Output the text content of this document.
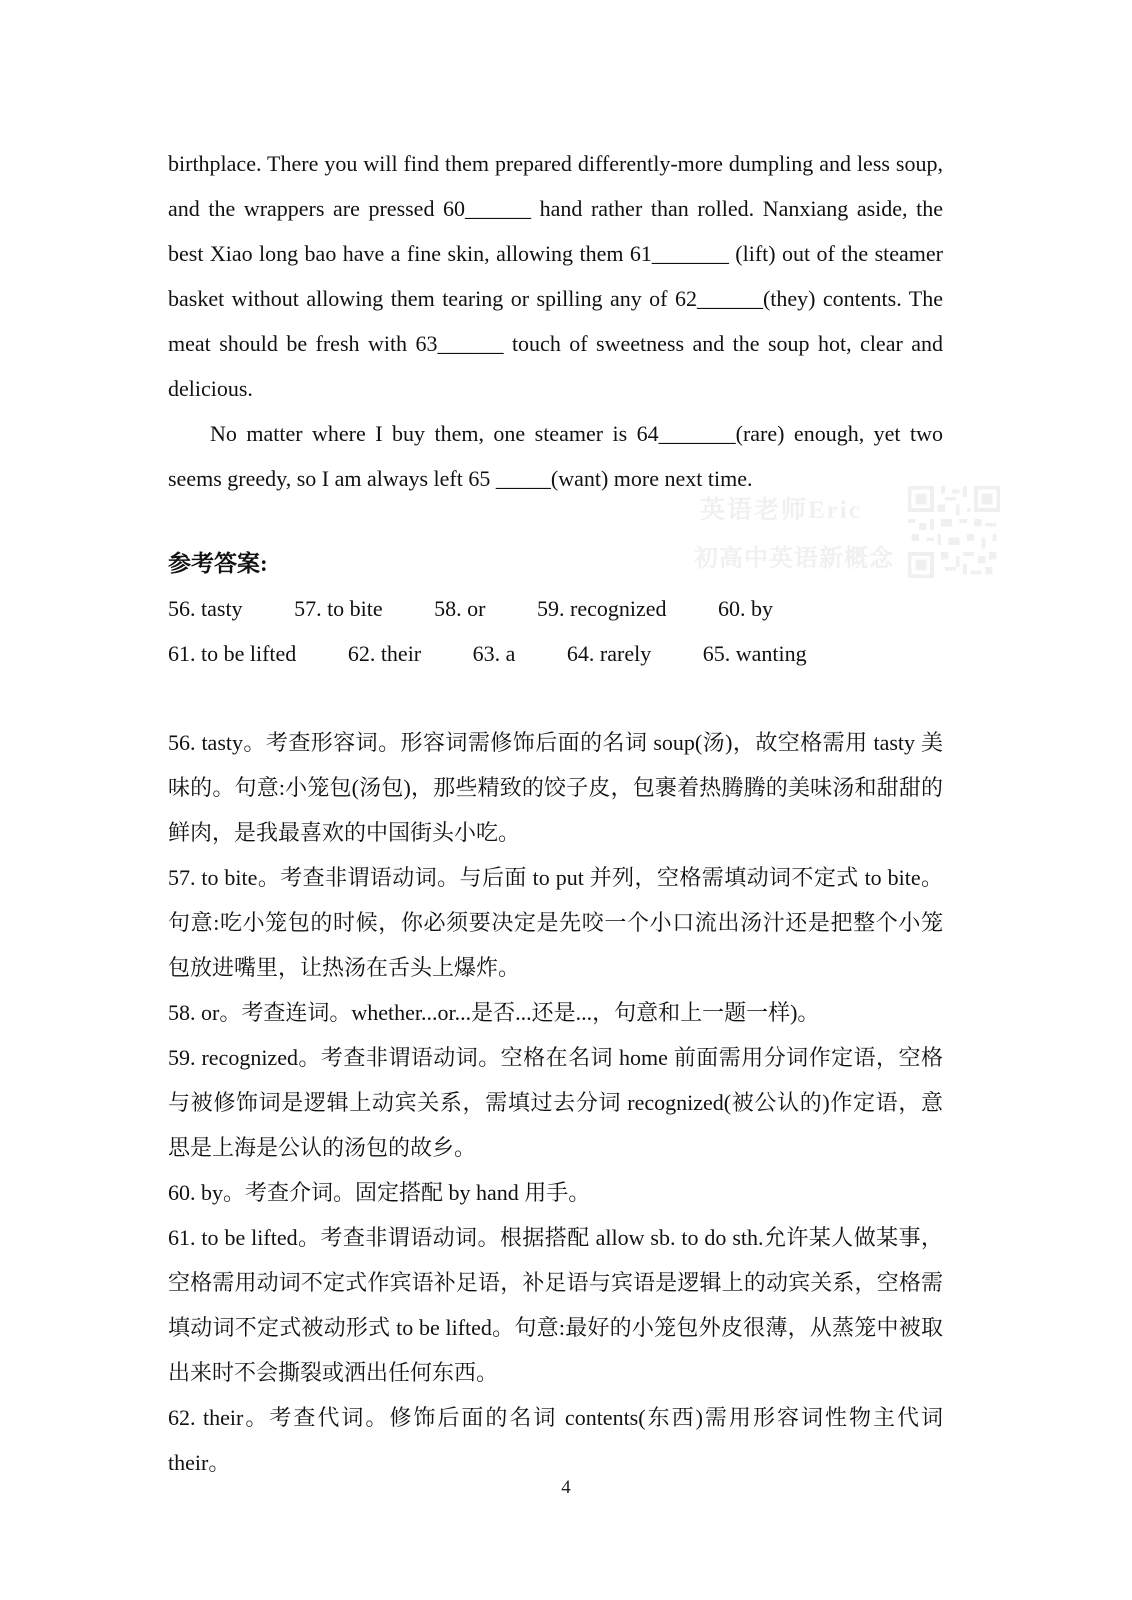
英语老师Eric
初高中英语新概念

birthplace. There you will find them prepared differently-more dumpling and less soup, and the wrappers are pressed 60______ hand rather than rolled. Nanxiang aside, the best Xiao long bao have a fine skin, allowing them 61_______ (lift) out of the steamer basket without allowing them tearing or spilling any of 62______(they) contents. The meat should be fresh with 63______ touch of sweetness and the soup hot, clear and delicious.

No matter where I buy them, one steamer is 64_______(rare) enough, yet two seems greedy, so I am always left 65 _____(want) more next time.

参考答案:
56. tasty 57. to bite 58. or 59. recognized 60. by
61. to be lifted 62. their 63. a 64. rarely 65. wanting

56. tasty。考查形容词。形容词需修饰后面的名词 soup(汤)，故空格需用 tasty 美味的。句意:小笼包(汤包)，那些精致的饺子皮，包裹着热腾腾的美味汤和甜甜的鲜肉，是我最喜欢的中国街头小吃。

57. to bite。考查非谓语动词。与后面 to put 并列，空格需填动词不定式 to bite。句意:吃小笼包的时候，你必须要决定是先咬一个小口流出汤汁还是把整个小笼包放进嘴里，让热汤在舌头上爆炸。

58. or。考查连词。whether...or...是否...还是...，句意和上一题一样)。

59. recognized。考查非谓语动词。空格在名词 home 前面需用分词作定语，空格与被修饰词是逻辑上动宾关系，需填过去分词 recognized(被公认的)作定语，意思是上海是公认的汤包的故乡。

60. by。考查介词。固定搭配 by hand 用手。

61. to be lifted。考查非谓语动词。根据搭配 allow sb. to do sth.允许某人做某事，空格需用动词不定式作宾语补足语，补足语与宾语是逻辑上的动宾关系，空格需填动词不定式被动形式 to be lifted。句意:最好的小笼包外皮很薄，从蒸笼中被取出来时不会撕裂或洒出任何东西。

62. their。考查代词。修饰后面的名词 contents(东西)需用形容词性物主代词 their。

4
